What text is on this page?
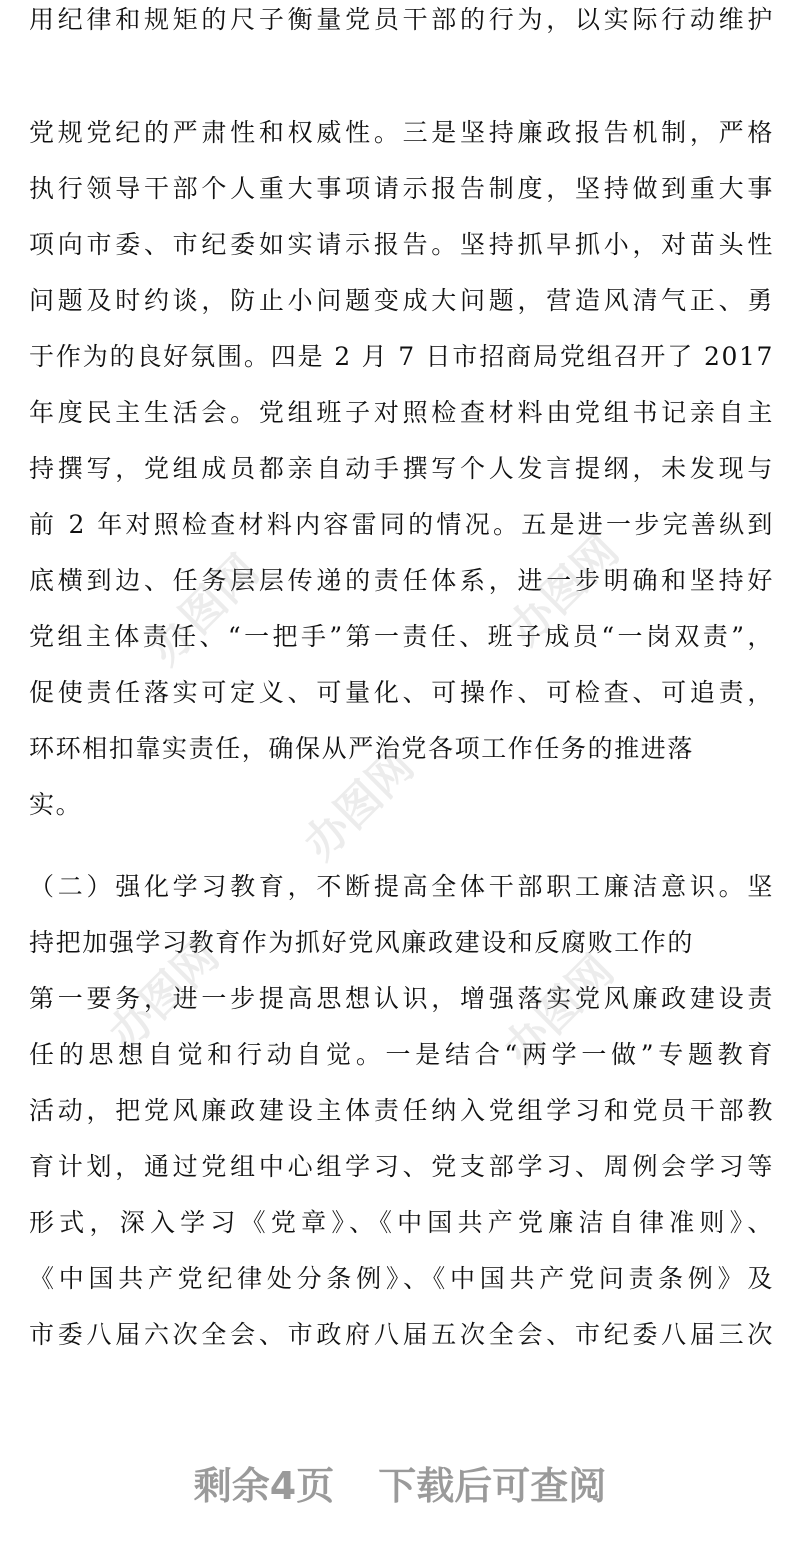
用纪律和规矩的尺子衡量党员干部的行为，以实际行动维护
党规党纪的严肃性和权威性。三是坚持廉政报告机制，严格
执行领导干部个人重大事项请示报告制度，坚持做到重大事
项向市委、市纪委如实请示报告。坚持抓早抓小，对苗头性
问题及时约谈，防止小问题变成大问题，营造风清气正、勇
于作为的良好氛围。四是 2 月 7 日市招商局党组召开了 2017
年度民主生活会。党组班子对照检查材料由党组书记亲自主
持撰写，党组成员都亲自动手撰写个人发言提纲，未发现与
前 2 年对照检查材料内容雷同的情况。五是进一步完善纵到
底横到边、任务层层传递的责任体系，进一步明确和坚持好
党组主体责任、“一把手”第一责任、班子成员“一岗双责”，
促使责任落实可定义、可量化、可操作、可检查、可追责，
环环相扣靠实责任，确保从严治党各项工作任务的推进落
实。
（二）强化学习教育，不断提高全体干部职工廉洁意识。坚
持把加强学习教育作为抓好党风廉政建设和反腐败工作的
第一要务，进一步提高思想认识，增强落实党风廉政建设责
任的思想自觉和行动自觉。一是结合“两学一做”专题教育
活动，把党风廉政建设主体责任纳入党组学习和党员干部教
育计划，通过党组中心组学习、党支部学习、周例会学习等
形式，深入学习《党章》、《中国共产党廉洁自律准则》、
《中国共产党纪律处分条例》、《中国共产党问责条例》及
市委八届六次全会、市政府八届五次全会、市纪委八届三次
办图网	办图网
办图网
办图网	办图网
剩余4页 下载后可查阅
